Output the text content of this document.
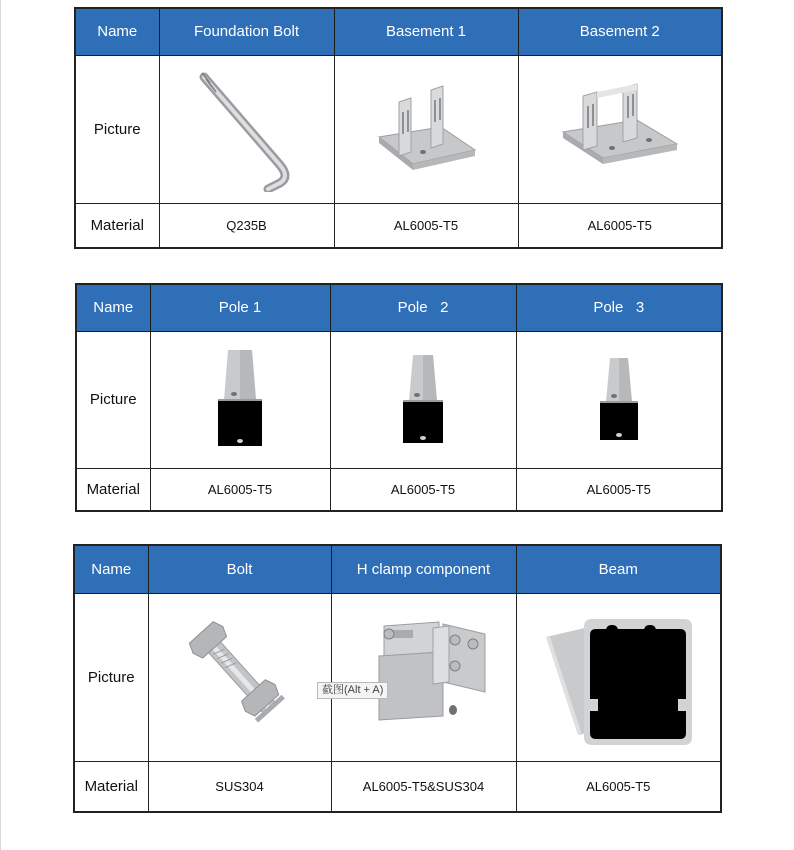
Name	Foundation Bolt	Basement 1	Basement 2
Picture	

Material	Q235B	AL6005-T5	AL6005-T5
Name	Pole 1	Pole   2	Pole   3
Picture	

Material	AL6005-T5	AL6005-T5	AL6005-T5
Name	Bolt	H clamp component	Beam
Picture	

Material	SUS304	AL6005-T5&SUS304	AL6005-T5
截图(Alt + A)
